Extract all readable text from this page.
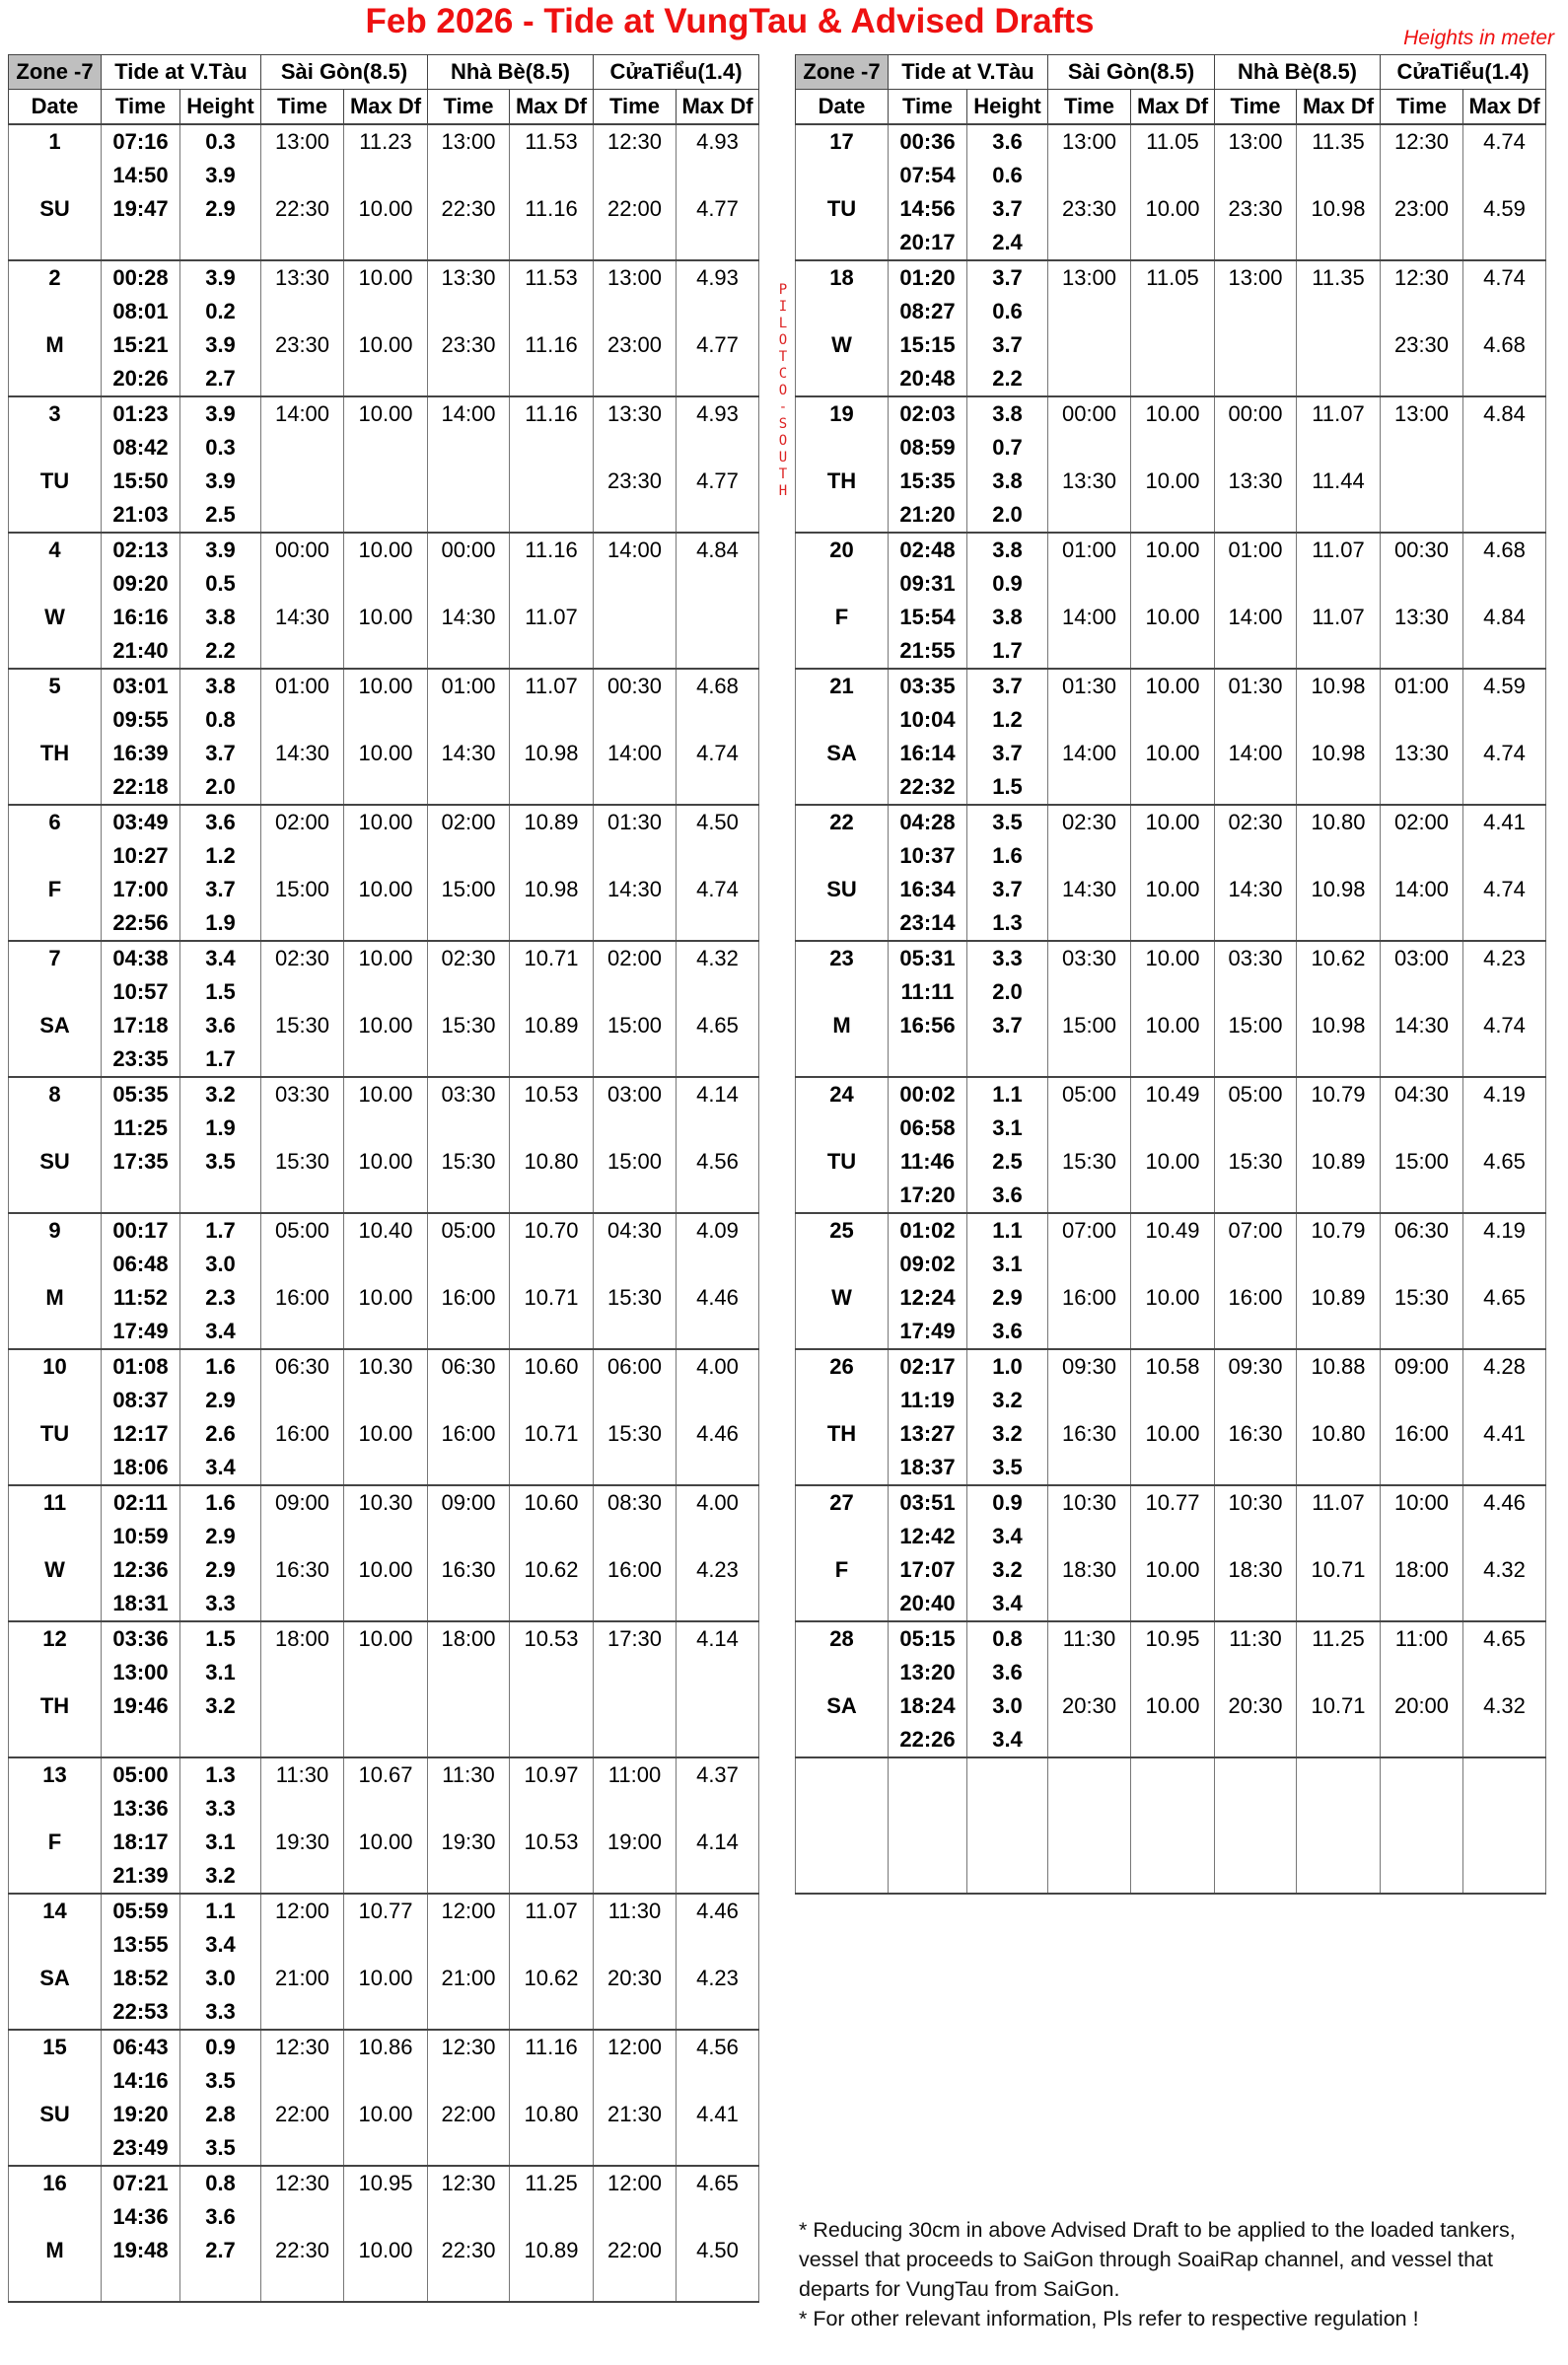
Feb 2026 - Tide at VungTau & Advised Drafts	Heights in meter
Zone -7	Tide at V.Tàu		Sài Gòn(8.5)		Nhà Bè(8.5)		CửaTiểu(1.4)	
Date	Time	Height	Time	Max Df	Time	Max Df	Time	Max Df
1	07:16	0.3	13:00	11.23	13:00	11.53	12:30	4.93
	14:50	3.9						
SU	19:47	2.9	22:30	10.00	22:30	11.16	22:00	4.77

2	00:28	3.9	13:30	10.00	13:30	11.53	13:00	4.93
	08:01	0.2						
M	15:21	3.9	23:30	10.00	23:30	11.16	23:00	4.77
	20:26	2.7						
3	01:23	3.9	14:00	10.00	14:00	11.16	13:30	4.93
	08:42	0.3						
TU	15:50	3.9					23:30	4.77
	21:03	2.5						
4	02:13	3.9	00:00	10.00	00:00	11.16	14:00	4.84
	09:20	0.5						
W	16:16	3.8	14:30	10.00	14:30	11.07		
	21:40	2.2						
5	03:01	3.8	01:00	10.00	01:00	11.07	00:30	4.68
	09:55	0.8						
TH	16:39	3.7	14:30	10.00	14:30	10.98	14:00	4.74
	22:18	2.0						
6	03:49	3.6	02:00	10.00	02:00	10.89	01:30	4.50
	10:27	1.2						
F	17:00	3.7	15:00	10.00	15:00	10.98	14:30	4.74
	22:56	1.9						
7	04:38	3.4	02:30	10.00	02:30	10.71	02:00	4.32
	10:57	1.5						
SA	17:18	3.6	15:30	10.00	15:30	10.89	15:00	4.65
	23:35	1.7						
8	05:35	3.2	03:30	10.00	03:30	10.53	03:00	4.14
	11:25	1.9						
SU	17:35	3.5	15:30	10.00	15:30	10.80	15:00	4.56

9	00:17	1.7	05:00	10.40	05:00	10.70	04:30	4.09
	06:48	3.0						
M	11:52	2.3	16:00	10.00	16:00	10.71	15:30	4.46
	17:49	3.4						
10	01:08	1.6	06:30	10.30	06:30	10.60	06:00	4.00
	08:37	2.9						
TU	12:17	2.6	16:00	10.00	16:00	10.71	15:30	4.46
	18:06	3.4						
11	02:11	1.6	09:00	10.30	09:00	10.60	08:30	4.00
	10:59	2.9						
W	12:36	2.9	16:30	10.00	16:30	10.62	16:00	4.23
	18:31	3.3						
12	03:36	1.5	18:00	10.00	18:00	10.53	17:30	4.14
	13:00	3.1						
TH	19:46	3.2						

13	05:00	1.3	11:30	10.67	11:30	10.97	11:00	4.37
	13:36	3.3						
F	18:17	3.1	19:30	10.00	19:30	10.53	19:00	4.14
	21:39	3.2						
14	05:59	1.1	12:00	10.77	12:00	11.07	11:30	4.46
	13:55	3.4						
SA	18:52	3.0	21:00	10.00	21:00	10.62	20:30	4.23
	22:53	3.3						
15	06:43	0.9	12:30	10.86	12:30	11.16	12:00	4.56
	14:16	3.5						
SU	19:20	2.8	22:00	10.00	22:00	10.80	21:30	4.41
	23:49	3.5						
16	07:21	0.8	12:30	10.95	12:30	11.25	12:00	4.65
	14:36	3.6						
M	19:48	2.7	22:30	10.00	22:30	10.89	22:00	4.50

Zone -7	Tide at V.Tàu		Sài Gòn(8.5)		Nhà Bè(8.5)		CửaTiểu(1.4)	
Date	Time	Height	Time	Max Df	Time	Max Df	Time	Max Df
17	00:36	3.6	13:00	11.05	13:00	11.35	12:30	4.74
	07:54	0.6						
TU	14:56	3.7	23:30	10.00	23:30	10.98	23:00	4.59
	20:17	2.4						
18	01:20	3.7	13:00	11.05	13:00	11.35	12:30	4.74
	08:27	0.6						
W	15:15	3.7					23:30	4.68
	20:48	2.2						
19	02:03	3.8	00:00	10.00	00:00	11.07	13:00	4.84
	08:59	0.7						
TH	15:35	3.8	13:30	10.00	13:30	11.44		
	21:20	2.0						
20	02:48	3.8	01:00	10.00	01:00	11.07	00:30	4.68
	09:31	0.9						
F	15:54	3.8	14:00	10.00	14:00	11.07	13:30	4.84
	21:55	1.7						
21	03:35	3.7	01:30	10.00	01:30	10.98	01:00	4.59
	10:04	1.2						
SA	16:14	3.7	14:00	10.00	14:00	10.98	13:30	4.74
	22:32	1.5						
22	04:28	3.5	02:30	10.00	02:30	10.80	02:00	4.41
	10:37	1.6						
SU	16:34	3.7	14:30	10.00	14:30	10.98	14:00	4.74
	23:14	1.3						
23	05:31	3.3	03:30	10.00	03:30	10.62	03:00	4.23
	11:11	2.0						
M	16:56	3.7	15:00	10.00	15:00	10.98	14:30	4.74

24	00:02	1.1	05:00	10.49	05:00	10.79	04:30	4.19
	06:58	3.1						
TU	11:46	2.5	15:30	10.00	15:30	10.89	15:00	4.65
	17:20	3.6						
25	01:02	1.1	07:00	10.49	07:00	10.79	06:30	4.19
	09:02	3.1						
W	12:24	2.9	16:00	10.00	16:00	10.89	15:30	4.65
	17:49	3.6						
26	02:17	1.0	09:30	10.58	09:30	10.88	09:00	4.28
	11:19	3.2						
TH	13:27	3.2	16:30	10.00	16:30	10.80	16:00	4.41
	18:37	3.5						
27	03:51	0.9	10:30	10.77	10:30	11.07	10:00	4.46
	12:42	3.4						
F	17:07	3.2	18:30	10.00	18:30	10.71	18:00	4.32
	20:40	3.4						
28	05:15	0.8	11:30	10.95	11:30	11.25	11:00	4.65
	13:20	3.6						
SA	18:24	3.0	20:30	10.00	20:30	10.71	20:00	4.32
	22:26	3.4						

P
I
L
O
T
C
O
-
S
O
U
T
H
* Reducing 30cm in above Advised Draft to be applied to the loaded tankers, vessel that proceeds to SaiGon through SoaiRap channel, and vessel that departs for VungTau from SaiGon.
* For other relevant information, Pls refer to respective regulation !
